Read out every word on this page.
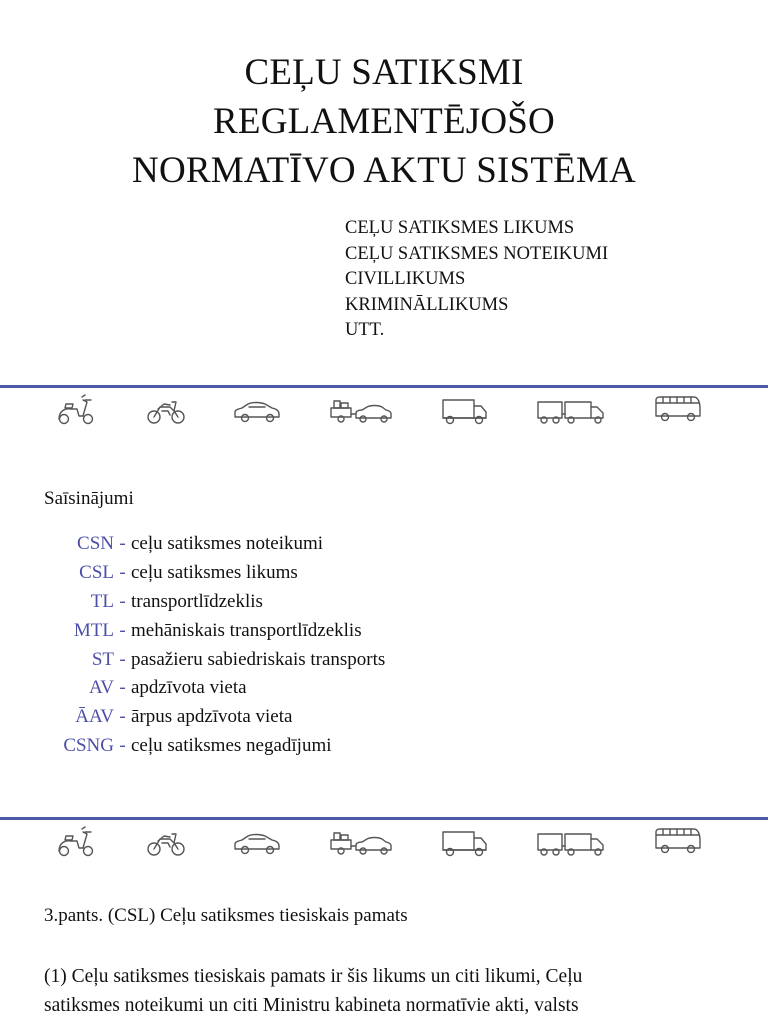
CEĻU SATIKSMI
REGLAMENTĒJOŠO
NORMATĪVO AKTU SISTĒMA
CEĻU SATIKSMES LIKUMS
CEĻU SATIKSMES NOTEIKUMI
CIVILLIKUMS
KRIMINĀLLIKUMS
UTT.
Saīsinājumi
CSN - ceļu satiksmes noteikumi
CSL - ceļu satiksmes likums
TL - transportlīdzeklis
MTL - mehāniskais transportlīdzeklis
ST - pasažieru sabiedriskais transports
AV - apdzīvota vieta
ĀAV - ārpus apdzīvota vieta
CSNG - ceļu satiksmes negadījumi
3.pants. (CSL) Ceļu satiksmes tiesiskais pamats
(1) Ceļu satiksmes tiesiskais pamats ir šis likums un citi likumi, Ceļu
satiksmes noteikumi un citi Ministru kabineta normatīvie akti, valsts
